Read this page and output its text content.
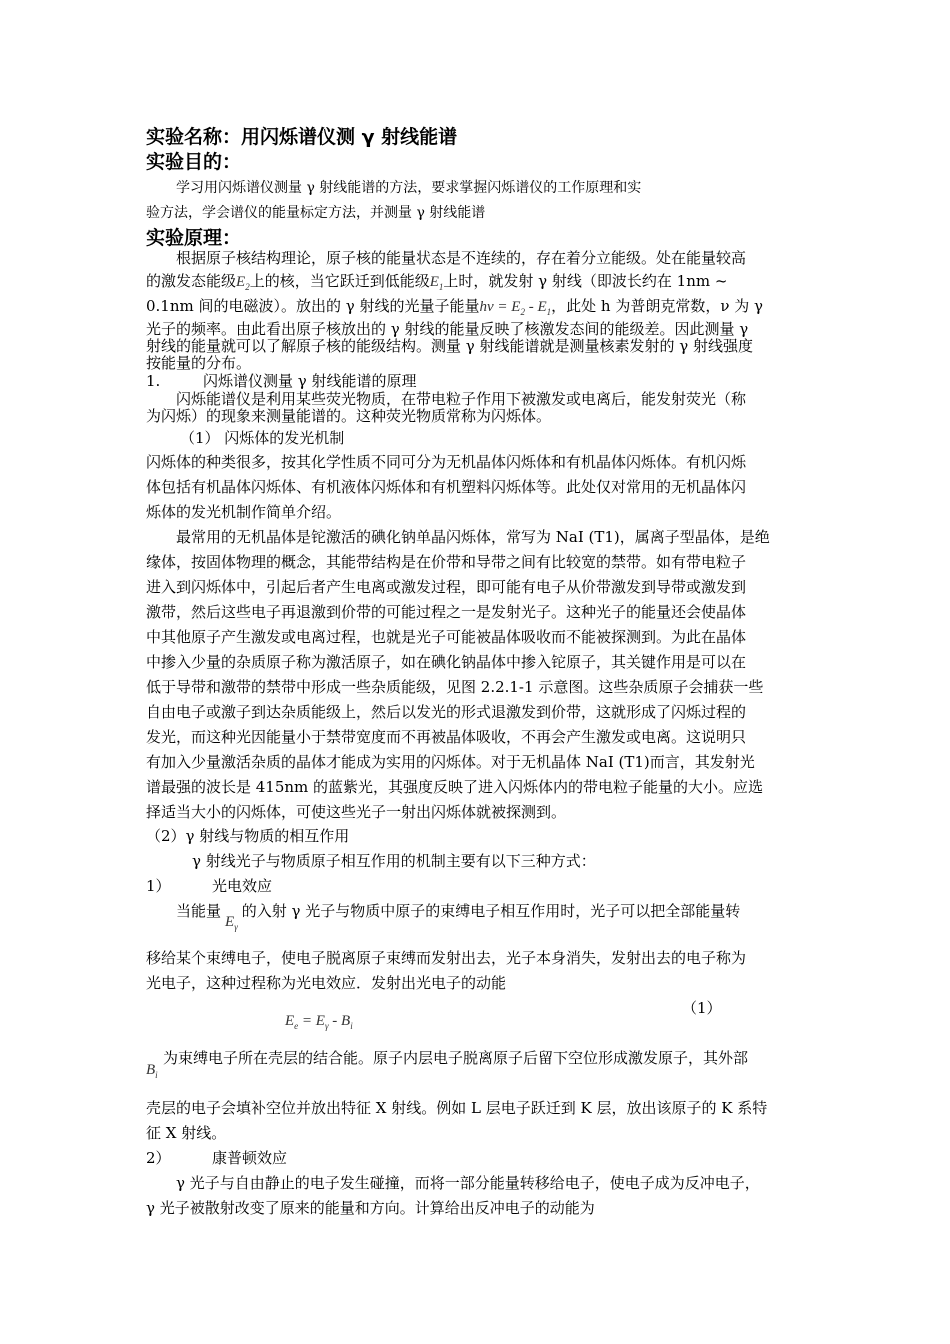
实验名称：用闪烁谱仪测 γ 射线能谱
实验目的：
学习用闪烁谱仪测量 γ 射线能谱的方法，要求掌握闪烁谱仪的工作原理和实
验方法，学会谱仪的能量标定方法，并测量 γ 射线能谱
实验原理：
根据原子核结构理论，原子核的能量状态是不连续的，存在着分立能级。处在能量较高
的激发态能级$E_2$上的核，当它跃迁到低能级$E_1$上时，就发射 γ 射线（即波长约在 1nm ~
0.1nm 间的电磁波）。放出的 γ 射线的光量子能量$h\nu = E_2 - E_1$，此处 h 为普朗克常数，ν 为 γ
光子的频率。由此看出原子核放出的 γ 射线的能量反映了核激发态间的能级差。因此测量 γ
射线的能量就可以了解原子核的能级结构。测量 γ 射线能谱就是测量核素发射的 γ 射线强度
按能量的分布。
1.	闪烁谱仪测量 γ 射线能谱的原理
闪烁能谱仪是利用某些荧光物质，在带电粒子作用下被激发或电离后，能发射荧光（称
为闪烁）的现象来测量能谱的。这种荧光物质常称为闪烁体。
（1） 闪烁体的发光机制
闪烁体的种类很多，按其化学性质不同可分为无机晶体闪烁体和有机晶体闪烁体。有机闪烁
体包括有机晶体闪烁体、有机液体闪烁体和有机塑料闪烁体等。此处仅对常用的无机晶体闪
烁体的发光机制作简单介绍。
最常用的无机晶体是铊激活的碘化钠单晶闪烁体，常写为 NaI (T1)，属离子型晶体，是绝
缘体，按固体物理的概念，其能带结构是在价带和导带之间有比较宽的禁带。如有带电粒子
进入到闪烁体中，引起后者产生电离或激发过程，即可能有电子从价带激发到导带或激发到
激带，然后这些电子再退激到价带的可能过程之一是发射光子。这种光子的能量还会使晶体
中其他原子产生激发或电离过程，也就是光子可能被晶体吸收而不能被探测到。为此在晶体
中掺入少量的杂质原子称为激活原子，如在碘化钠晶体中掺入铊原子，其关键作用是可以在
低于导带和激带的禁带中形成一些杂质能级，见图 2.2.1-1 示意图。这些杂质原子会捕获一些
自由电子或激子到达杂质能级上，然后以发光的形式退激发到价带，这就形成了闪烁过程的
发光，而这种光因能量小于禁带宽度而不再被晶体吸收，不再会产生激发或电离。这说明只
有加入少量激活杂质的晶体才能成为实用的闪烁体。对于无机晶体 NaI (T1)而言，其发射光
谱最强的波长是 415nm 的蓝紫光，其强度反映了进入闪烁体内的带电粒子能量的大小。应选
择适当大小的闪烁体，可使这些光子一射出闪烁体就被探测到。
（2）γ 射线与物质的相互作用
γ 射线光子与物质原子相互作用的机制主要有以下三种方式：
1）	光电效应
当能量$E_\gamma$的入射 γ 光子与物质中原子的束缚电子相互作用时，光子可以把全部能量转
移给某个束缚电子，使电子脱离原子束缚而发射出去，光子本身消失，发射出去的电子称为
光电子，这种过程称为光电效应．发射出光电子的动能
（1）
$E_e = E_\gamma - B_i$
$B_i$
为束缚电子所在壳层的结合能。原子内层电子脱离原子后留下空位形成激发原子，其外部
壳层的电子会填补空位并放出特征 X 射线。例如 L 层电子跃迁到 K 层，放出该原子的 K 系特
征 X 射线。
2）	康普顿效应
γ 光子与自由静止的电子发生碰撞，而将一部分能量转移给电子，使电子成为反冲电子，
γ 光子被散射改变了原来的能量和方向。计算给出反冲电子的动能为
